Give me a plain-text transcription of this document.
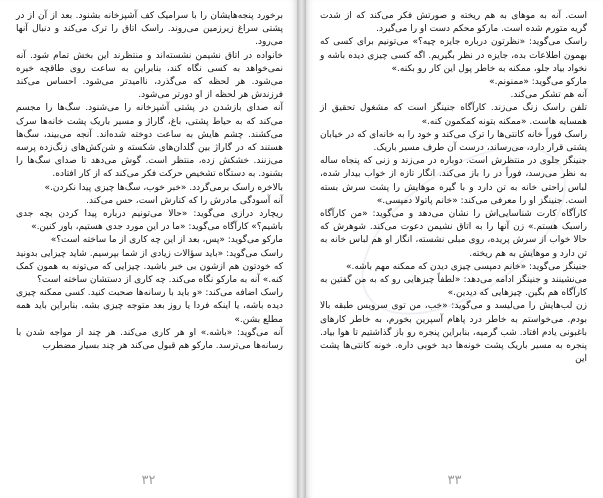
برخورد پنجه‌هایشان را با سرامیک کف آشپزخانه بشنود. بعد از آن از در پشتی سراغ زیرزمین می‌روند. راسک اتاق را ترک می‌کند و دنبال آنها می‌رود.

خانواده در اتاق نشیمن نشسته‌اند و منتظرند این بخش تمام شود. آنه نمی‌خواهد به کسی نگاه کند، بنابراین به ساعت روی طاقچه خیره می‌شود. هر لحظه که می‌گذرد، ناامیدتر می‌شود. احساس می‌کند فرزندش هر لحظه از او دورتر می‌شود.

آنه صدای بازشدن در پشتی آشپزخانه را می‌شنود. سگ‌ها را مجسم می‌کند که به حیاط پشتی، باغ، گاراژ و مسیر باریک پشت خانه‌ها سرک می‌کشند. چشم هایش به ساعت دوخته شده‌اند. آنجه می‌بیند، سگ‌ها هستند که در گاراژ بین گلدان‌های شکسته و شن‌کش‌های زنگ‌زده پرسه می‌زنند. خشکش زده، منتظر است. گوش می‌دهد تا صدای سگ‌ها را بشنود. به دستگاه تشخیص حرکت فکر می‌کند که از کار افتاده.

بالاخره راسک برمی‌گردد. «خبر خوب، سگ‌ها چیزی پیدا نکردن.»

آنه آسودگی مادرش را که کنارش است، حس می‌کند.

ریچارد درازی می‌گوید: «حالا می‌تونیم درباره پیدا کردن بچه جدی باشیم؟» کارآگاه می‌گوید: «ما در این مورد جدی هستیم، باور کنین.»

مارکو می‌گوید: «پس، بعد از این چه کاری از ما ساخته است؟»

راسک می‌گوید: «باید سؤالات زیادی از شما بپرسیم. شاید چیزایی بدونید که خودتون هم ازشون بی خبر باشید. چیزایی که می‌تونه به ‌همون کمک کنه.» آنه به مارکو نگاه می‌کند. چه کاری از دستشان ساخته است؟

راسک اضافه می‌کند: «و باید با رسانه‌ها صحبت کنید. کسی ممکنه چیزی دیده باشه، یا اینکه فردا یا روز بعد متوجه چیزی بشه. بنابراین باید همه مطلع بشن.»

آنه می‌گوید: «باشه.» او هر کاری می‌کند. هر چند از مواجه شدن با رسانه‌ها می‌ترسد. مارکو هم قبول می‌کند هر چند بسیار مضطرب

۳۲

است. آنه به موهای به هم ریخته و صورتش فکر می‌کند که از شدت گریه متورم شده است. مارکو محکم دست او را می‌گیرد.

راسک می‌گوید: «نظرتون درباره جایزه چیه؟» می‌تونیم برای کسی که بهمون اطلاعات بده، جایزه در نظر بگیریم. اگه کسی چیزی دیده باشه و نخواد بیاد جلو، ممکنه به خاطر پول این کار رو بکنه.»

مارکو می‌گوید: «ممنونم.»

آنه هم تشکر می‌کند.

تلفن راسک زنگ می‌زند. کارآگاه جنینگز است که مشغول تحقیق از همسایه هاست. «ممکنه بتونه کمکمون کنه.»

راسک فوراً خانه کانتی‌ها را ترک می‌کند و خود را به خانه‌ای که در خیابان پشتی قرار دارد، می‌رساند، درست آن طرف مسیر باریک.

جنینگز جلوی در منتظرش است. دوباره در می‌زند و زنی که پنجاه ساله به نظر می‌رسد، فوراً در را باز می‌کند. انگار تازه از خواب بیدار شده، لباس راحتی خانه به تن دارد و با گیره موهایش را پشت سرش بسته است. جنینگز او را معرفی می‌کند: «خانم پاتولا دمپسی.»

کارآگاه کارت شناسایی‌اش را نشان می‌دهد و می‌گوید: «من کارآگاه راسبک هستم.» زن آنها را به اتاق نشیمن دعوت می‌کند. شوهرش که حالا خواب از سرش پریده، روی مبلی نشسته، انگار او هم لباس خانه به تن دارد و موهایش به هم ریخته.

جنینگز می‌گوید: «خانم دمپسی چیزی دیدن که ممکنه مهم باشه.»

می‌نشینند و جنینگز ادامه می‌دهد: «لطفاً چیزهایی رو که به من گفتین به کارآگاه هم بگین. چیزهایی که دیدین.»

زن لب‌هایش را می‌لیسد و می‌گوید: «خب، من توی سرویس طبقه بالا بودم. می‌خواستم به خاطر درد پاهام آسپرین بخورم، به خاطر کارهای باغبونی یادم افتاد. شب گرمیه، بنابراین پنجره رو باز گذاشتیم تا هوا بیاد. پنجره به مسیر باریک پشت خونه‌ها دید خوبی داره. خونه کانتی‌ها پشت این

۳۳
